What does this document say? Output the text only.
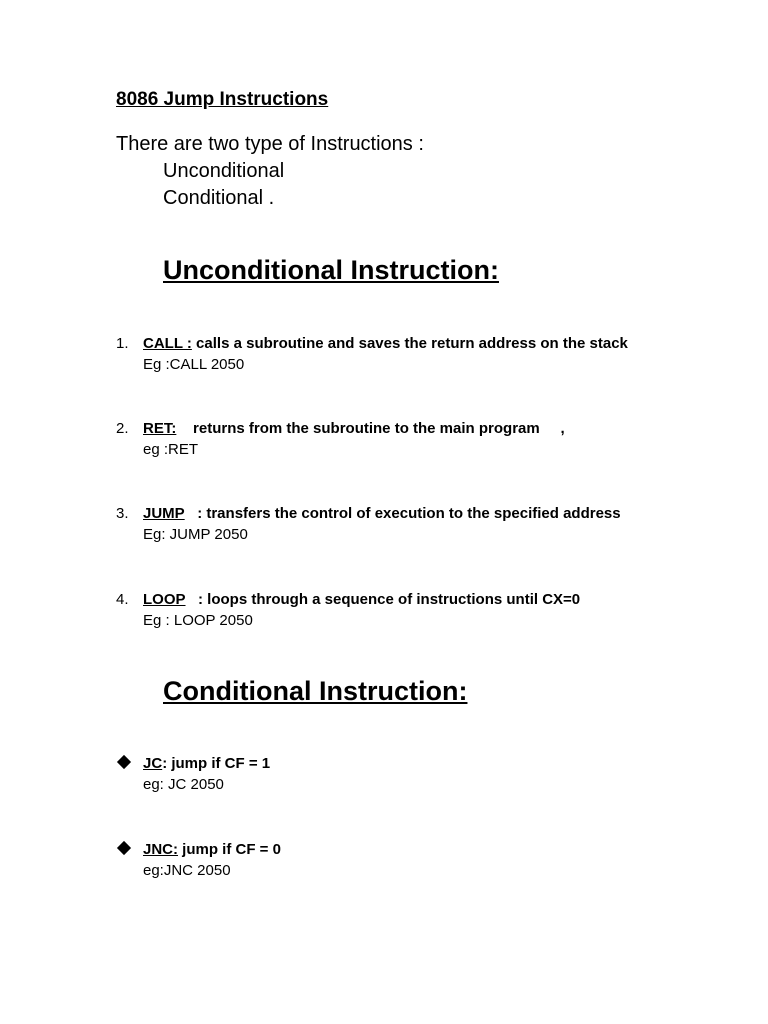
8086 Jump Instructions
There are two type of Instructions :
Unconditional
Conditional .
Unconditional Instruction:
1. CALL : calls a subroutine and saves the return address on the stack
Eg :CALL 2050
2. RET: returns from the subroutine to the main program     ,
eg :RET
3. JUMP : transfers the control of execution to the specified address
Eg: JUMP 2050
4. LOOP : loops through a sequence of instructions until CX=0
Eg : LOOP 2050
Conditional Instruction:
JC : jump if CF = 1
eg: JC 2050
JNC: jump if CF = 0
eg:JNC 2050
